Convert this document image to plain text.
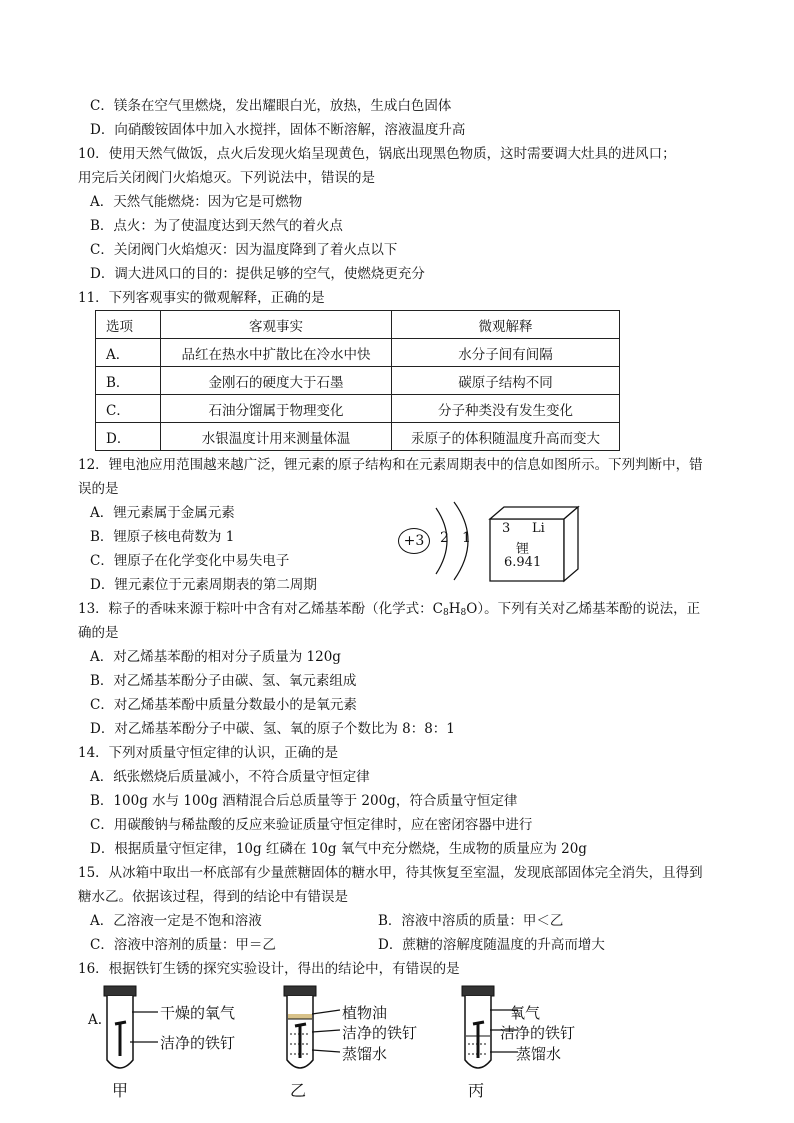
C．镁条在空气里燃烧，发出耀眼白光，放热，生成白色固体
D．向硝酸铵固体中加入水搅拌，固体不断溶解，溶液温度升高
10．使用天然气做饭，点火后发现火焰呈现黄色，锅底出现黑色物质，这时需要调大灶具的进风口；
用完后关闭阀门火焰熄灭。下列说法中，错误的是
A．天然气能燃烧：因为它是可燃物
B．点火：为了使温度达到天然气的着火点
C．关闭阀门火焰熄灭：因为温度降到了着火点以下
D．调大进风口的目的：提供足够的空气，使燃烧更充分
11．下列客观事实的微观解释，正确的是
选项	客观事实	微观解释
A．	品红在热水中扩散比在冷水中快	水分子间有间隔
B．	金刚石的硬度大于石墨	碳原子结构不同
C．	石油分馏属于物理变化	分子种类没有发生变化
D．	水银温度计用来测量体温	汞原子的体积随温度升高而变大
12．锂电池应用范围越来越广泛，锂元素的原子结构和在元素周期表中的信息如图所示。下列判断中，错
误的是
A．锂元素属于金属元素
B．锂原子核电荷数为 1
C．锂原子在化学变化中易失电子
D．锂元素位于元素周期表的第二周期
+3	2 1
3 Li
锂
6.941
13．粽子的香味来源于粽叶中含有对乙烯基苯酚（化学式：$C_8H_8O$）。下列有关对乙烯基苯酚的说法，正
确的是
A．对乙烯基苯酚的相对分子质量为 120g
B．对乙烯基苯酚分子由碳、氢、氧元素组成
C．对乙烯基苯酚中质量分数最小的是氧元素
D．对乙烯基苯酚分子中碳、氢、氧的原子个数比为 8：8：1
14．下列对质量守恒定律的认识，正确的是
A．纸张燃烧后质量减小，不符合质量守恒定律
B．100g 水与 100g 酒精混合后总质量等于 200g，符合质量守恒定律
C．用碳酸钠与稀盐酸的反应来验证质量守恒定律时，应在密闭容器中进行
D．根据质量守恒定律，10g 红磷在 10g 氧气中充分燃烧，生成物的质量应为 20g
15．从冰箱中取出一杯底部有少量蔗糖固体的糖水甲，待其恢复至室温，发现底部固体完全消失，且得到
糖水乙。依据该过程，得到的结论中有错误是
A．乙溶液一定是不饱和溶液	B．溶液中溶质的质量：甲＜乙
C．溶液中溶剂的质量：甲＝乙	D．蔗糖的溶解度随温度的升高而增大
16．根据铁钉生锈的探究实验设计，得出的结论中，有错误的是
A.	干燥的氧气
洁净的铁钉
甲
植物油
洁净的铁钉
蒸馏水
乙
氧气
洁净的铁钉
蒸馏水
丙
